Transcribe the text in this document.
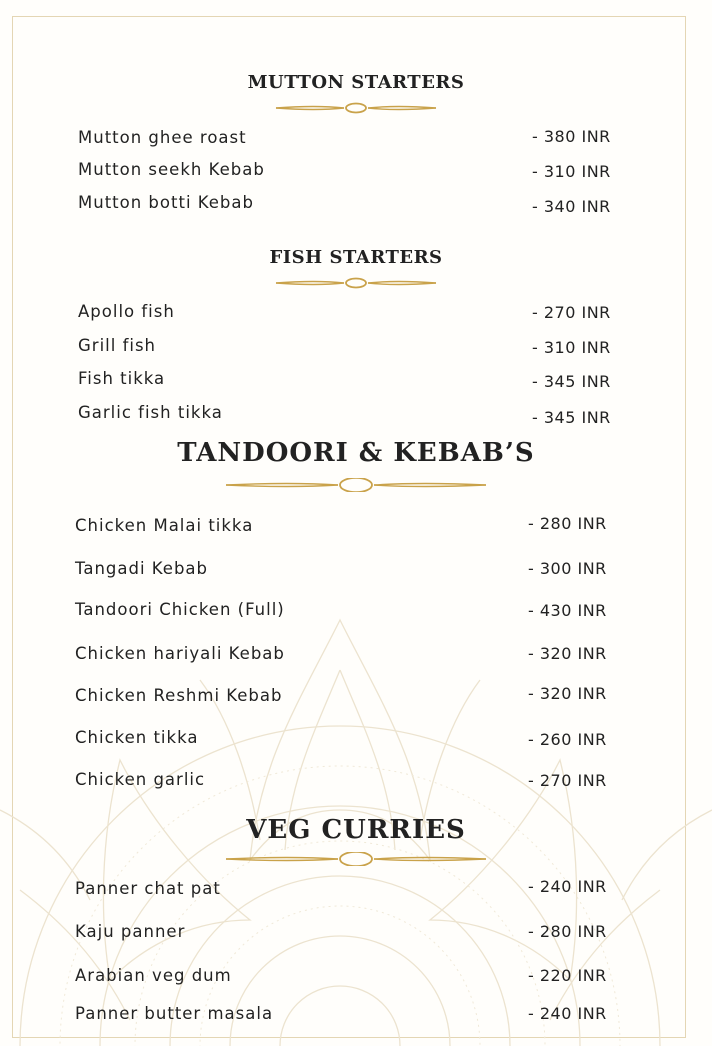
MUTTON STARTERS
Mutton ghee roast	- 380 INR
Mutton seekh Kebab	- 310 INR
Mutton botti Kebab	- 340 INR
FISH STARTERS
Apollo fish	- 270 INR
Grill fish	- 310 INR
Fish tikka	- 345 INR
Garlic fish tikka	- 345 INR
TANDOORI & KEBAB’S
Chicken Malai tikka	- 280 INR
Tangadi Kebab	- 300 INR
Tandoori Chicken (Full)	- 430 INR
Chicken hariyali Kebab	- 320 INR
Chicken Reshmi Kebab	- 320 INR
Chicken tikka	- 260 INR
Chicken garlic	- 270 INR
VEG CURRIES
Panner chat pat	- 240 INR
Kaju panner	- 280 INR
Arabian veg dum	- 220 INR
Panner butter masala	- 240 INR
